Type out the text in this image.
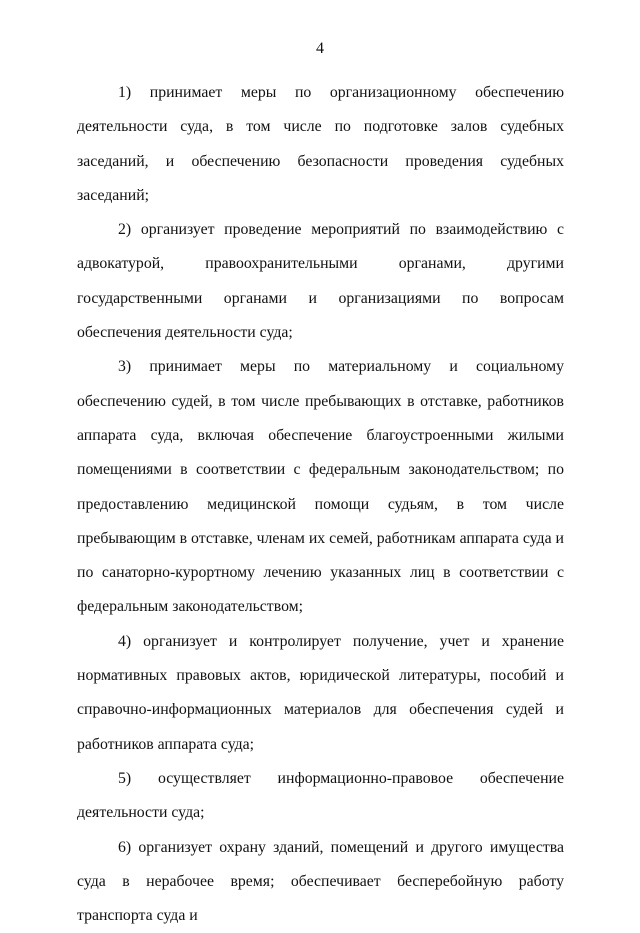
4

1) принимает меры по организационному обеспечению деятельности суда, в том числе по подготовке залов судебных заседаний, и обеспечению безопасности проведения судебных заседаний;

2) организует проведение мероприятий по взаимодействию с адвокатурой, правоохранительными органами, другими государственными органами и организациями по вопросам обеспечения деятельности суда;

3) принимает меры по материальному и социальному обеспечению судей, в том числе пребывающих в отставке, работников аппарата суда, включая обеспечение благоустроенными жилыми помещениями в соответствии с федеральным законодательством; по предоставлению медицинской помощи судьям, в том числе пребывающим в отставке, членам их семей, работникам аппарата суда и по санаторно-курортному лечению указанных лиц в соответствии с федеральным законодательством;

4) организует и контролирует получение, учет и хранение нормативных правовых актов, юридической литературы, пособий и справочно-информационных материалов для обеспечения судей и работников аппарата суда;

5) осуществляет информационно-правовое обеспечение деятельности суда;

6) организует охрану зданий, помещений и другого имущества суда в нерабочее время; обеспечивает бесперебойную работу транспорта суда и
